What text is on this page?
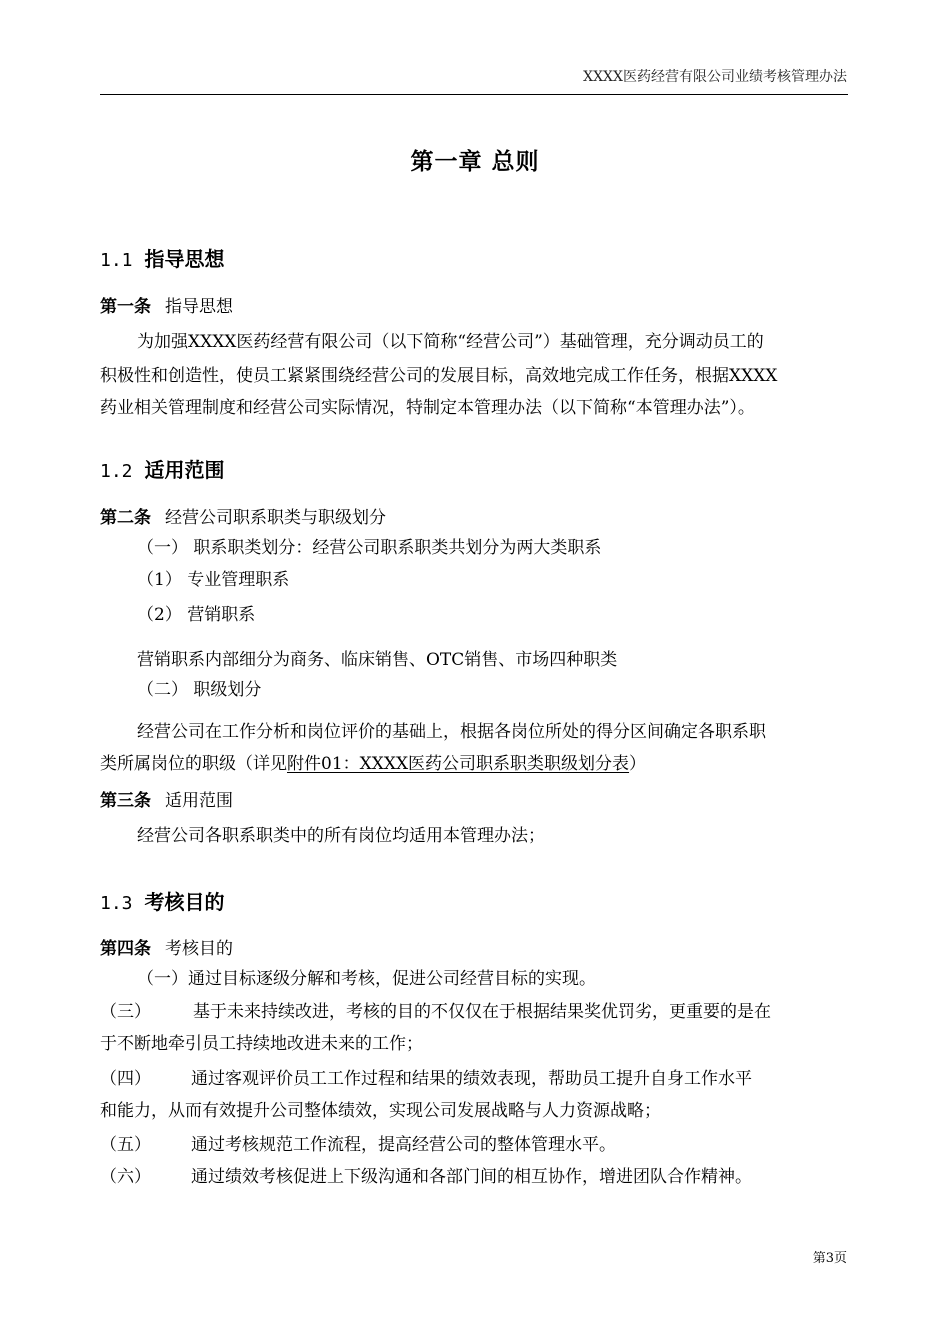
XXXX医药经营有限公司业绩考核管理办法
第一章 总则
1.1 指导思想
第一条 指导思想
为加强XXXX医药经营有限公司（以下简称“经营公司”）基础管理，充分调动员工的
积极性和创造性，使员工紧紧围绕经营公司的发展目标，高效地完成工作任务，根据XXXX
药业相关管理制度和经营公司实际情况，特制定本管理办法（以下简称“本管理办法”）。
1.2 适用范围
第二条 经营公司职系职类与职级划分
（一） 职系职类划分：经营公司职系职类共划分为两大类职系
（1） 专业管理职系
（2） 营销职系
营销职系内部细分为商务、临床销售、OTC销售、市场四种职类
（二） 职级划分
经营公司在工作分析和岗位评价的基础上，根据各岗位所处的得分区间确定各职系职
类所属岗位的职级（详见附件01：XXXX医药公司职系职类职级划分表）
第三条 适用范围
经营公司各职系职类中的所有岗位均适用本管理办法；
1.3 考核目的
第四条 考核目的
（一）通过目标逐级分解和考核，促进公司经营目标的实现。
（三） 基于未来持续改进，考核的目的不仅仅在于根据结果奖优罚劣，更重要的是在
于不断地牵引员工持续地改进未来的工作；
（四） 通过客观评价员工工作过程和结果的绩效表现，帮助员工提升自身工作水平
和能力，从而有效提升公司整体绩效，实现公司发展战略与人力资源战略；
（五） 通过考核规范工作流程，提高经营公司的整体管理水平。
（六） 通过绩效考核促进上下级沟通和各部门间的相互协作，增进团队合作精神。
第3页
